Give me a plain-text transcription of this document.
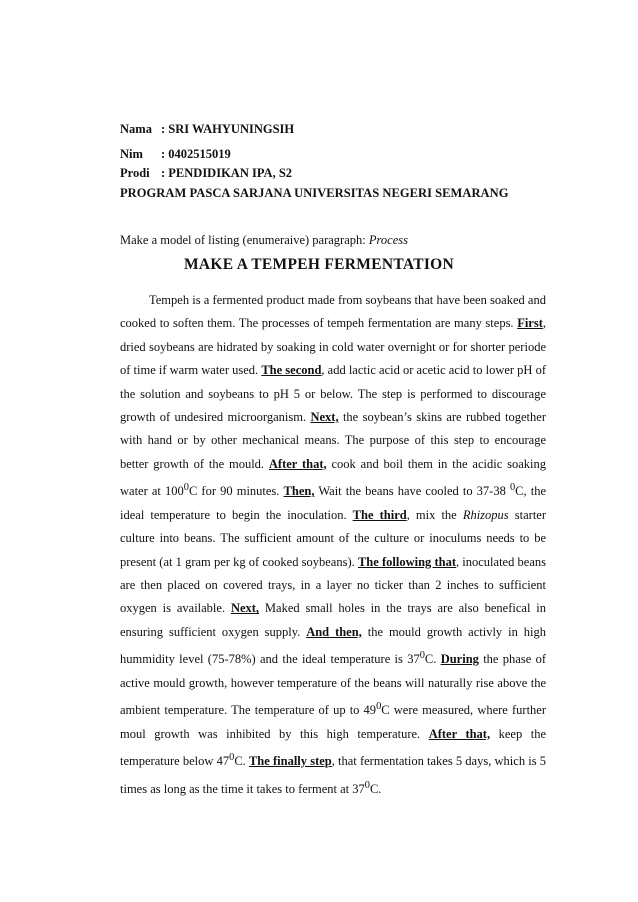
Nama : SRI WAHYUNINGSIH
Nim : 0402515019
Prodi : PENDIDIKAN IPA, S2
PROGRAM PASCA SARJANA UNIVERSITAS NEGERI SEMARANG
Make a model of listing (enumeraive) paragraph: Process
MAKE A TEMPEH FERMENTATION

Tempeh is a fermented product made from soybeans that have been soaked and cooked to soften them. The processes of tempeh fermentation are many steps. First, dried soybeans are hidrated by soaking in cold water overnight or for shorter periode of time if warm water used. The second, add lactic acid or acetic acid to lower pH of the solution and soybeans to pH 5 or below. The step is performed to discourage growth of undesired microorganism. Next, the soybean’s skins are rubbed together with hand or by other mechanical means. The purpose of this step to encourage better growth of the mould. After that, cook and boil them in the acidic soaking water at $100^0C$ for 90 minutes. Then, Wait the beans have cooled to 37-38 $^0$C, the ideal temperature to begin the inoculation. The third, mix the Rhizopus starter culture into beans. The sufficient amount of the culture or inoculums needs to be present (at 1 gram per kg of cooked soybeans). The following that, inoculated beans are then placed on covered trays, in a layer no ticker than 2 inches to sufficient oxygen is available. Next, Maked small holes in the trays are also benefical in ensuring sufficient oxygen supply. And then, the mould growth activly in high hummidity level (75-78%) and the ideal temperature is $37^0C$. During the phase of active mould growth, however temperature of the beans will naturally rise above the ambient temperature. The temperature of up to $49^0C$ were measured, where further moul growth was inhibited by this high temperature. After that, keep the temperature below $47^0C$. The finally step, that fermentation takes 5 days, which is 5 times as long as the time it takes to ferment at $37^0C$.
